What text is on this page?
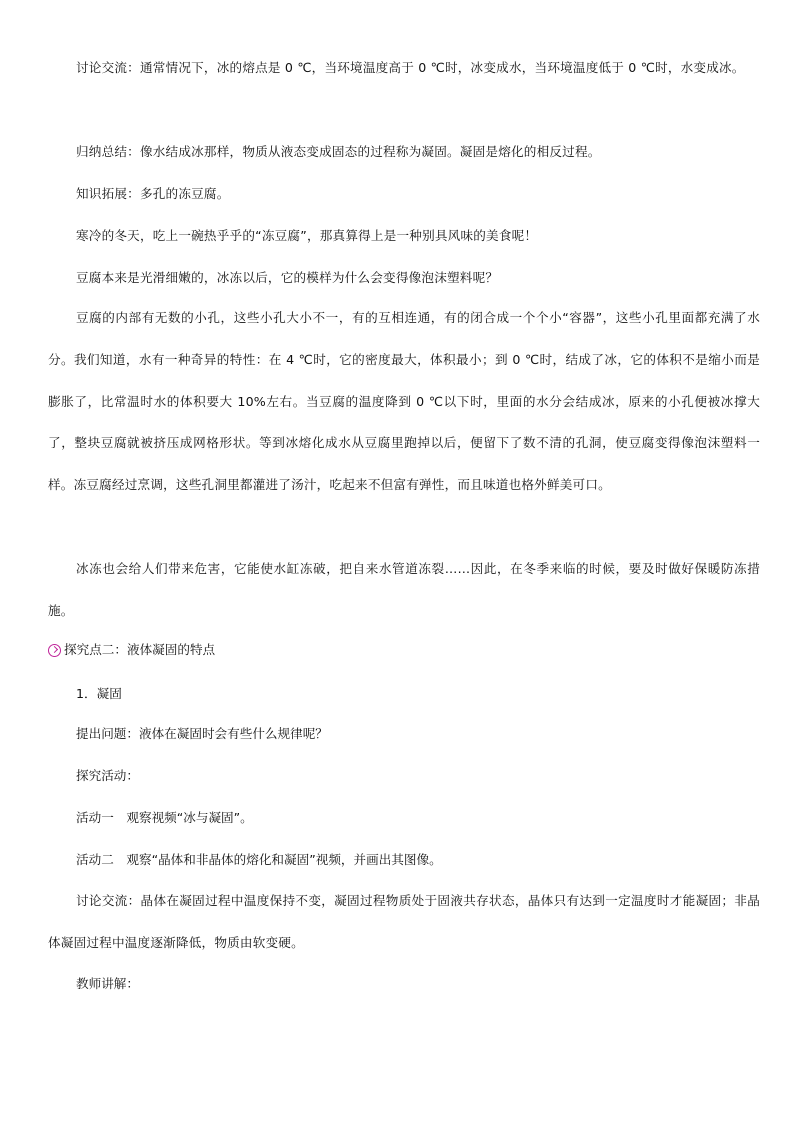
讨论交流：通常情况下，冰的熔点是 0 ℃，当环境温度高于 0 ℃时，冰变成水，当环境温度低于 0 ℃时，水变成冰。

归纳总结：像水结成冰那样，物质从液态变成固态的过程称为凝固。凝固是熔化的相反过程。

知识拓展：多孔的冻豆腐。

寒冷的冬天，吃上一碗热乎乎的“冻豆腐”，那真算得上是一种别具风味的美食呢！

豆腐本来是光滑细嫩的，冰冻以后，它的模样为什么会变得像泡沫塑料呢？

豆腐的内部有无数的小孔，这些小孔大小不一，有的互相连通，有的闭合成一个个小“容器”，这些小孔里面都充满了水分。我们知道，水有一种奇异的特性：在 4 ℃时，它的密度最大，体积最小；到 0 ℃时，结成了冰，它的体积不是缩小而是膨胀了，比常温时水的体积要大 10%左右。当豆腐的温度降到 0 ℃以下时，里面的水分会结成冰，原来的小孔便被冰撑大了，整块豆腐就被挤压成网格形状。等到冰熔化成水从豆腐里跑掉以后，便留下了数不清的孔洞，使豆腐变得像泡沫塑料一样。冻豆腐经过烹调，这些孔洞里都灌进了汤汁，吃起来不但富有弹性，而且味道也格外鲜美可口。

冰冻也会给人们带来危害，它能使水缸冻破，把自来水管道冻裂……因此，在冬季来临的时候，要及时做好保暖防冻措施。

探究点二：液体凝固的特点

1．凝固

提出问题：液体在凝固时会有些什么规律呢？

探究活动：

活动一　观察视频“冰与凝固”。

活动二　观察“晶体和非晶体的熔化和凝固”视频，并画出其图像。

讨论交流：晶体在凝固过程中温度保持不变，凝固过程物质处于固液共存状态，晶体只有达到一定温度时才能凝固；非晶体凝固过程中温度逐渐降低，物质由软变硬。

教师讲解：
